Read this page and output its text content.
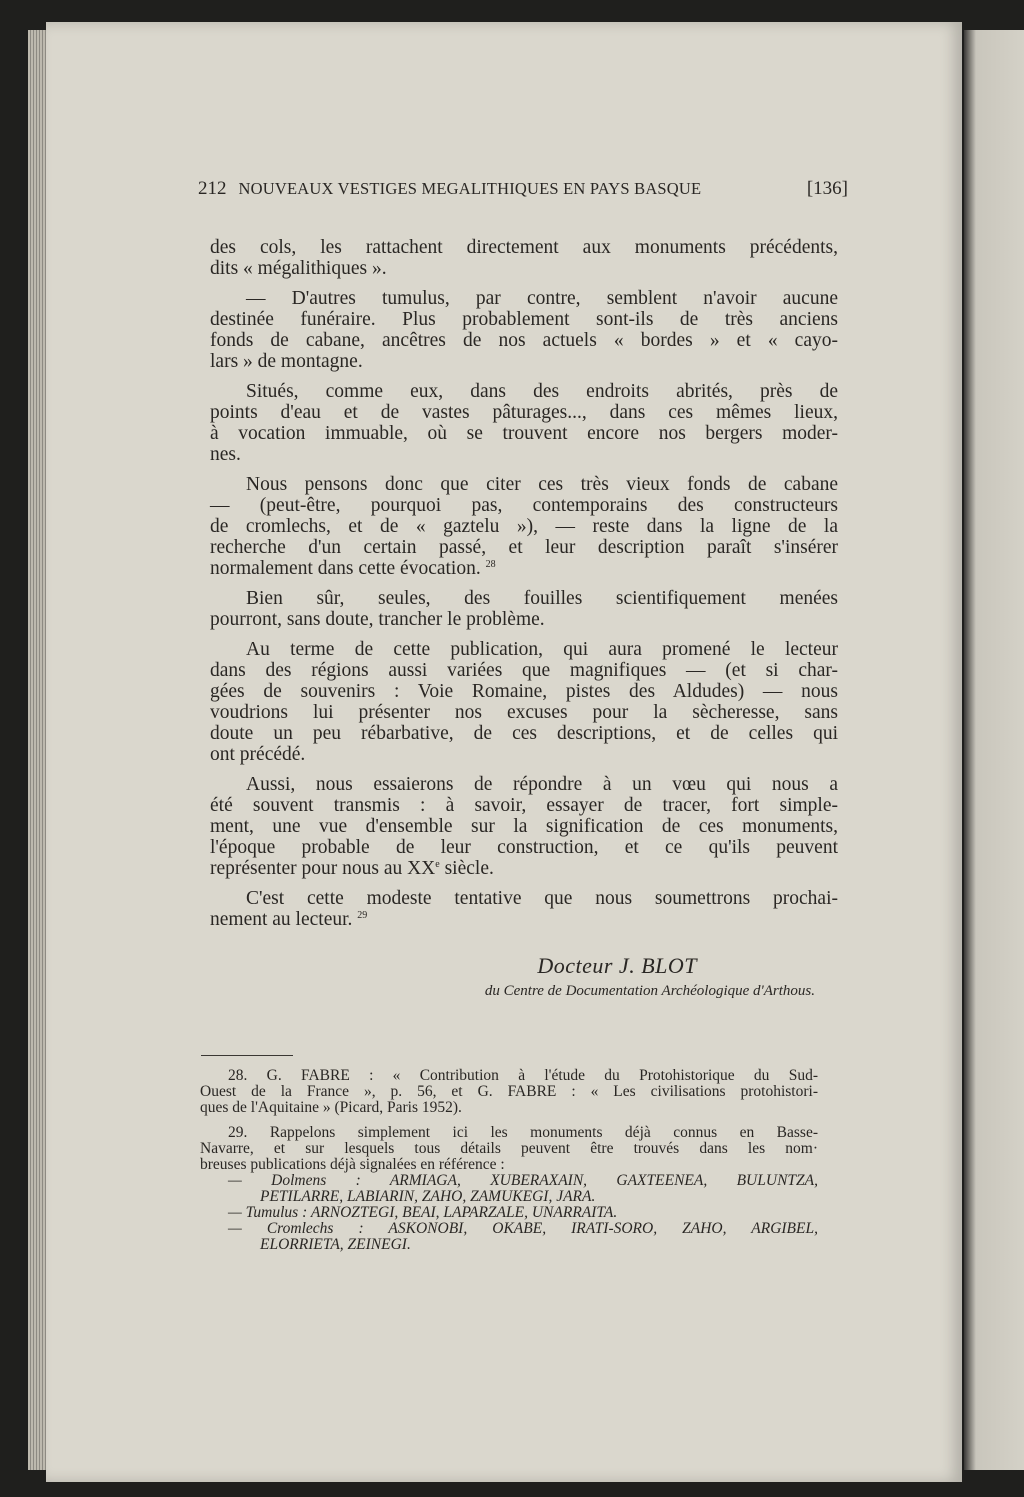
212 NOUVEAUX VESTIGES MEGALITHIQUES EN PAYS BASQUE	[136]
des cols, les rattachent directement aux monuments précédents,
dits « mégalithiques ».
— D'autres tumulus, par contre, semblent n'avoir aucune
destinée funéraire. Plus probablement sont-ils de très anciens
fonds de cabane, ancêtres de nos actuels « bordes » et « cayo-
lars » de montagne.
Situés, comme eux, dans des endroits abrités, près de
points d'eau et de vastes pâturages..., dans ces mêmes lieux,
à vocation immuable, où se trouvent encore nos bergers moder-
nes.
Nous pensons donc que citer ces très vieux fonds de cabane
— (peut-être, pourquoi pas, contemporains des constructeurs
de cromlechs, et de « gaztelu »), — reste dans la ligne de la
recherche d'un certain passé, et leur description paraît s'insérer
normalement dans cette évocation. $^{28}$
Bien sûr, seules, des fouilles scientifiquement menées
pourront, sans doute, trancher le problème.
Au terme de cette publication, qui aura promené le lecteur
dans des régions aussi variées que magnifiques — (et si char-
gées de souvenirs : Voie Romaine, pistes des Aldudes) — nous
voudrions lui présenter nos excuses pour la sècheresse, sans
doute un peu rébarbative, de ces descriptions, et de celles qui
ont précédé.
Aussi, nous essaierons de répondre à un vœu qui nous a
été souvent transmis : à savoir, essayer de tracer, fort simple-
ment, une vue d'ensemble sur la signification de ces monuments,
l'époque probable de leur construction, et ce qu'ils peuvent
représenter pour nous au XXe siècle.
C'est cette modeste tentative que nous soumettrons prochai-
nement au lecteur. $^{29}$
Docteur J. BLOT
du Centre de Documentation Archéologique d'Arthous.
28. G. FABRE : « Contribution à l'étude du Protohistorique du Sud-
Ouest de la France », p. 56, et G. FABRE : « Les civilisations protohistori-
ques de l'Aquitaine » (Picard, Paris 1952).
29. Rappelons simplement ici les monuments déjà connus en Basse-
Navarre, et sur lesquels tous détails peuvent être trouvés dans les nom·
breuses publications déjà signalées en référence :
— Dolmens : ARMIAGA, XUBERAXAIN, GAXTEENEA, BULUNTZA,
PETILARRE, LABIARIN, ZAHO, ZAMUKEGI, JARA.
— Tumulus : ARNOZTEGI, BEAI, LAPARZALE, UNARRAITA.
— Cromlechs : ASKONOBI, OKABE, IRATI-SORO, ZAHO, ARGIBEL,
ELORRIETA, ZEINEGI.
